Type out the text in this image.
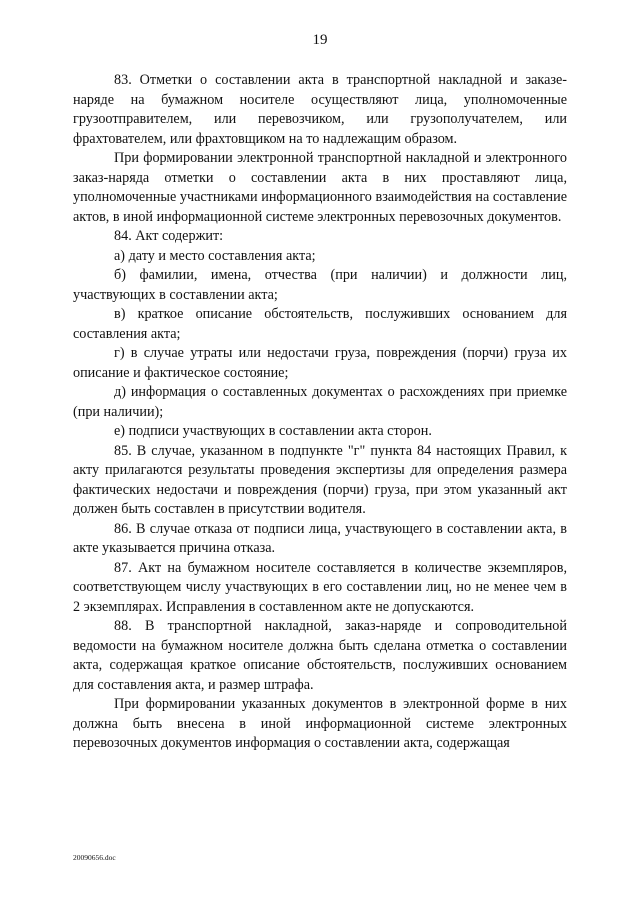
19

83. Отметки о составлении акта в транспортной накладной и заказе-наряде на бумажном носителе осуществляют лица, уполномоченные грузоотправителем, или перевозчиком, или грузополучателем, или фрахтователем, или фрахтовщиком на то надлежащим образом.

При формировании электронной транспортной накладной и электронного заказ-наряда отметки о составлении акта в них проставляют лица, уполномоченные участниками информационного взаимодействия на составление актов, в иной информационной системе электронных перевозочных документов.

84. Акт содержит:

а) дату и место составления акта;

б) фамилии, имена, отчества (при наличии) и должности лиц, участвующих в составлении акта;

в) краткое описание обстоятельств, послуживших основанием для составления акта;

г) в случае утраты или недостачи груза, повреждения (порчи) груза их описание и фактическое состояние;

д) информация о составленных документах о расхождениях при приемке (при наличии);

е) подписи участвующих в составлении акта сторон.

85. В случае, указанном в подпункте "г" пункта 84 настоящих Правил, к акту прилагаются результаты проведения экспертизы для определения размера фактических недостачи и повреждения (порчи) груза, при этом указанный акт должен быть составлен в присутствии водителя.

86. В случае отказа от подписи лица, участвующего в составлении акта, в акте указывается причина отказа.

87. Акт на бумажном носителе составляется в количестве экземпляров, соответствующем числу участвующих в его составлении лиц, но не менее чем в 2 экземплярах. Исправления в составленном акте не допускаются.

88. В транспортной накладной, заказ-наряде и сопроводительной ведомости на бумажном носителе должна быть сделана отметка о составлении акта, содержащая краткое описание обстоятельств, послуживших основанием для составления акта, и размер штрафа.

При формировании указанных документов в электронной форме в них должна быть внесена в иной информационной системе электронных перевозочных документов информация о составлении акта, содержащая

20090656.doc
